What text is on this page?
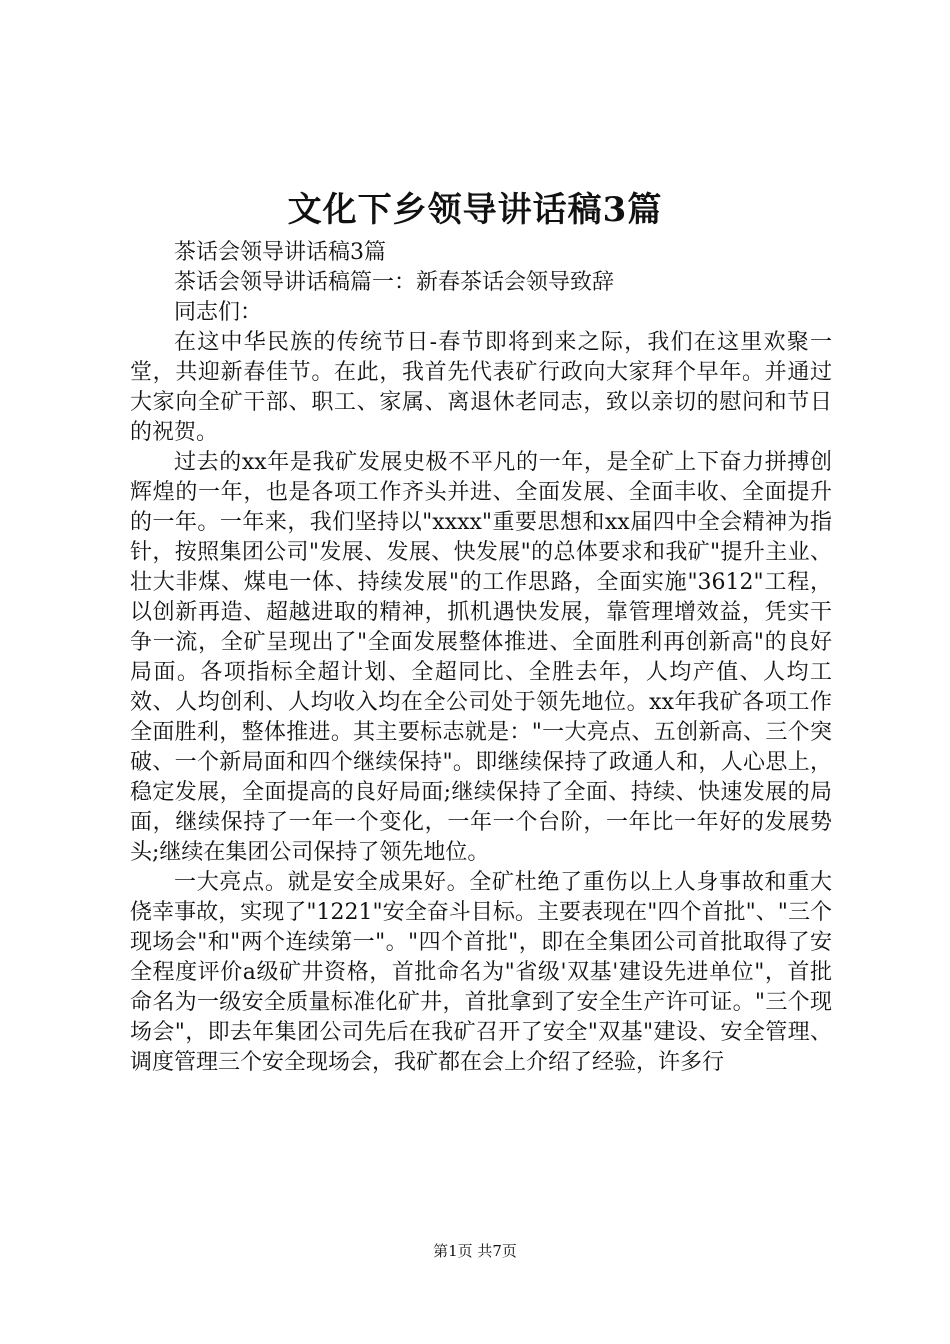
文化下乡领导讲话稿3篇

茶话会领导讲话稿3篇

茶话会领导讲话稿篇一：新春茶话会领导致辞

同志们：

在这中华民族的传统节日-春节即将到来之际，我们在这里欢聚一堂，共迎新春佳节。在此，我首先代表矿行政向大家拜个早年。并通过大家向全矿干部、职工、家属、离退休老同志，致以亲切的慰问和节日的祝贺。

过去的xx年是我矿发展史极不平凡的一年，是全矿上下奋力拼搏创辉煌的一年，也是各项工作齐头并进、全面发展、全面丰收、全面提升的一年。一年来，我们坚持以"xxxx"重要思想和xx届四中全会精神为指针，按照集团公司"发展、发展、快发展"的总体要求和我矿"提升主业、壮大非煤、煤电一体、持续发展"的工作思路，全面实施"3612"工程，以创新再造、超越进取的精神，抓机遇快发展，靠管理增效益，凭实干争一流，全矿呈现出了"全面发展整体推进、全面胜利再创新高"的良好局面。各项指标全超计划、全超同比、全胜去年，人均产值、人均工效、人均创利、人均收入均在全公司处于领先地位。xx年我矿各项工作全面胜利，整体推进。其主要标志就是："一大亮点、五创新高、三个突破、一个新局面和四个继续保持"。即继续保持了政通人和，人心思上，稳定发展，全面提高的良好局面;继续保持了全面、持续、快速发展的局面，继续保持了一年一个变化，一年一个台阶，一年比一年好的发展势头;继续在集团公司保持了领先地位。

一大亮点。就是安全成果好。全矿杜绝了重伤以上人身事故和重大侥幸事故，实现了"1221"安全奋斗目标。主要表现在"四个首批"、"三个现场会"和"两个连续第一"。"四个首批"，即在全集团公司首批取得了安全程度评价a级矿井资格，首批命名为"省级'双基'建设先进单位"，首批命名为一级安全质量标准化矿井，首批拿到了安全生产许可证。"三个现场会"，即去年集团公司先后在我矿召开了安全"双基"建设、安全管理、调度管理三个安全现场会，我矿都在会上介绍了经验，许多行

第1页 共7页
